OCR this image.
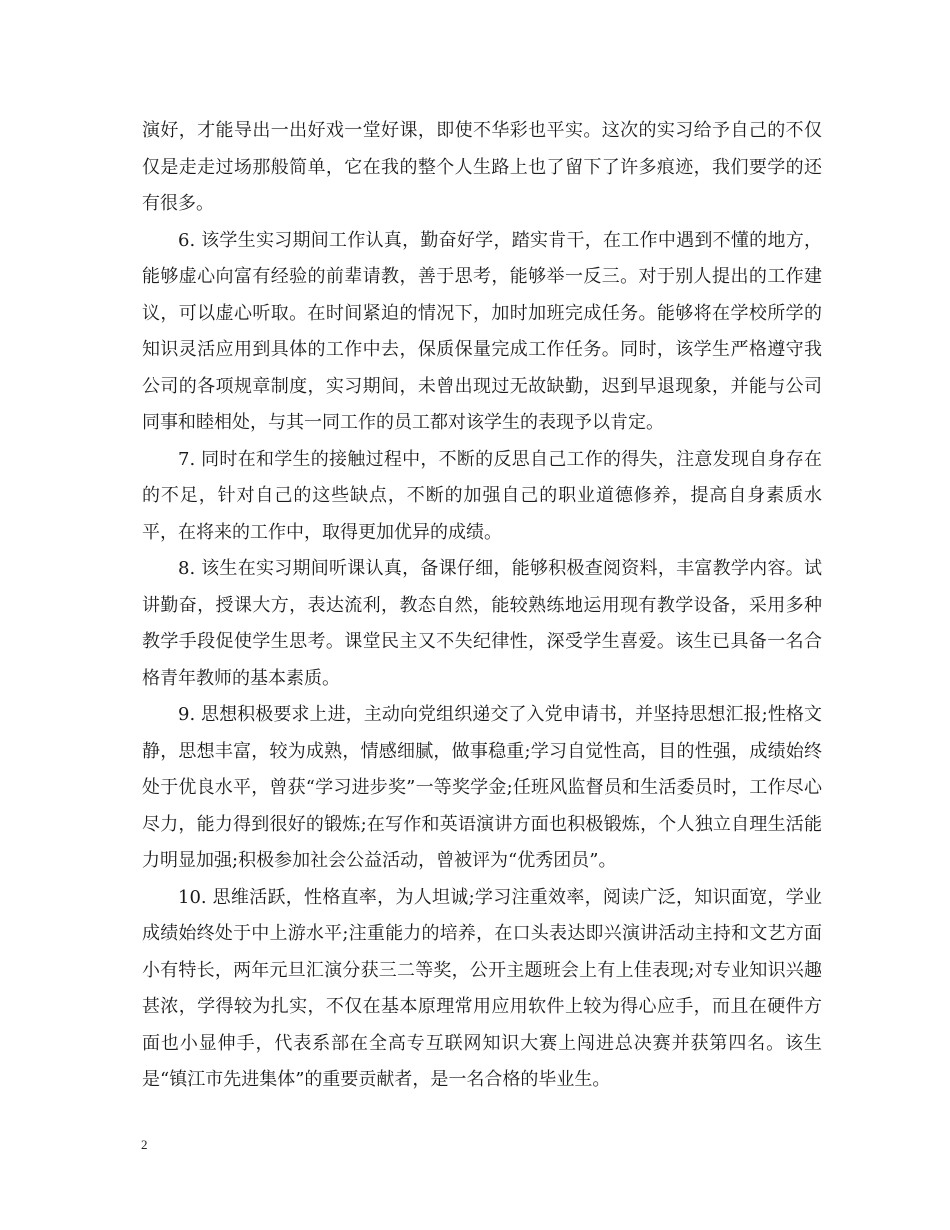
演好，才能导出一出好戏一堂好课，即使不华彩也平实。这次的实习给予自己的不仅仅是走走过场那般简单，它在我的整个人生路上也了留下了许多痕迹，我们要学的还有很多。

6. 该学生实习期间工作认真，勤奋好学，踏实肯干，在工作中遇到不懂的地方，能够虚心向富有经验的前辈请教，善于思考，能够举一反三。对于别人提出的工作建议，可以虚心听取。在时间紧迫的情况下，加时加班完成任务。能够将在学校所学的知识灵活应用到具体的工作中去，保质保量完成工作任务。同时，该学生严格遵守我公司的各项规章制度，实习期间，未曾出现过无故缺勤，迟到早退现象，并能与公司同事和睦相处，与其一同工作的员工都对该学生的表现予以肯定。

7. 同时在和学生的接触过程中，不断的反思自己工作的得失，注意发现自身存在的不足，针对自己的这些缺点，不断的加强自己的职业道德修养，提高自身素质水平，在将来的工作中，取得更加优异的成绩。

8. 该生在实习期间听课认真，备课仔细，能够积极查阅资料，丰富教学内容。试讲勤奋，授课大方，表达流利，教态自然，能较熟练地运用现有教学设备，采用多种教学手段促使学生思考。课堂民主又不失纪律性，深受学生喜爱。该生已具备一名合格青年教师的基本素质。

9. 思想积极要求上进，主动向党组织递交了入党申请书，并坚持思想汇报;性格文静，思想丰富，较为成熟，情感细腻，做事稳重;学习自觉性高，目的性强，成绩始终处于优良水平，曾获“学习进步奖”一等奖学金;任班风监督员和生活委员时，工作尽心尽力，能力得到很好的锻炼;在写作和英语演讲方面也积极锻炼，个人独立自理生活能力明显加强;积极参加社会公益活动，曾被评为“优秀团员”。

10. 思维活跃，性格直率，为人坦诚;学习注重效率，阅读广泛，知识面宽，学业成绩始终处于中上游水平;注重能力的培养，在口头表达即兴演讲活动主持和文艺方面小有特长，两年元旦汇演分获三二等奖，公开主题班会上有上佳表现;对专业知识兴趣甚浓，学得较为扎实，不仅在基本原理常用应用软件上较为得心应手，而且在硬件方面也小显伸手，代表系部在全高专互联网知识大赛上闯进总决赛并获第四名。该生是“镇江市先进集体”的重要贡献者，是一名合格的毕业生。

2
